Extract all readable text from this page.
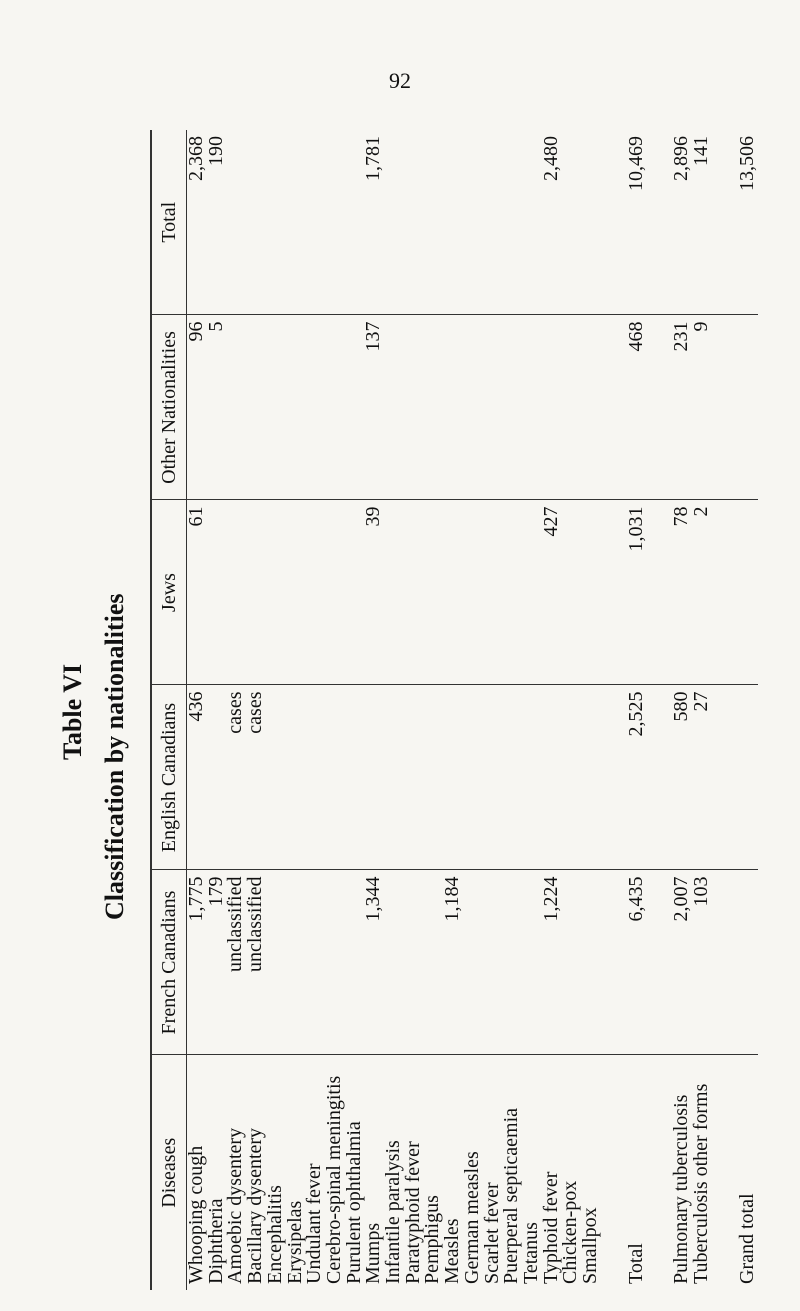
92
Table VI Classification by nationalities
Diseases	French Canadians	English Canadians	Jews	Other Nationalities	Total
Whooping cough	1,775	436	61	96	2,368
Diphtheria	179			5	190
Amoebic dysentery	unclassified	cases			
Bacillary dysentery	unclassified	cases			
Encephalitis					
Erysipelas					
Undulant fever					
Cerebro-spinal meningitis					
Purulent ophthalmia					
Mumps	1,344		39	137	1,781
Infantile paralysis					
Paratyphoid fever					
Pemphigus					
Measles	1,184				
German measles					
Scarlet fever					
Puerperal septicaemia					
Tetanus					
Typhoid fever	1,224		427		2,480
Chicken-pox					
Smallpox					

Total	6,435	2,525	1,031	468	10,469

Pulmonary tuberculosis	2,007	580	78	231	2,896
Tuberculosis other forms	103	27	2	9	141

Grand total					13,506
